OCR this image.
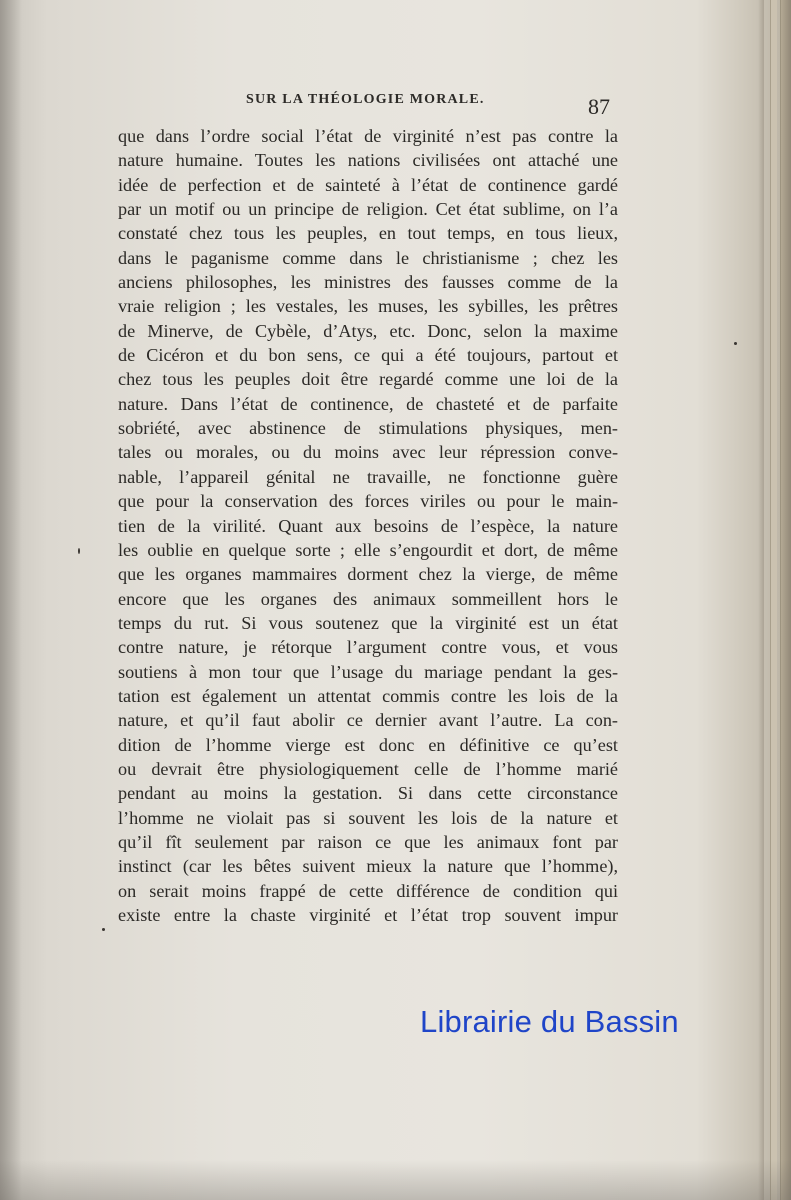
SUR LA THÉOLOGIE MORALE.	87
que dans l’ordre social l’état de virginité n’est pas contre la
nature humaine. Toutes les nations civilisées ont attaché une
idée de perfection et de sainteté à l’état de continence gardé
par un motif ou un principe de religion. Cet état sublime, on l’a
constaté chez tous les peuples, en tout temps, en tous lieux,
dans le paganisme comme dans le christianisme ; chez les
anciens philosophes, les ministres des fausses comme de la
vraie religion ; les vestales, les muses, les sybilles, les prêtres
de Minerve, de Cybèle, d’Atys, etc. Donc, selon la maxime
de Cicéron et du bon sens, ce qui a été toujours, partout et
chez tous les peuples doit être regardé comme une loi de la
nature. Dans l’état de continence, de chasteté et de parfaite
sobriété, avec abstinence de stimulations physiques, men-
tales ou morales, ou du moins avec leur répression conve-
nable, l’appareil génital ne travaille, ne fonctionne guère
que pour la conservation des forces viriles ou pour le main-
tien de la virilité. Quant aux besoins de l’espèce, la nature
les oublie en quelque sorte ; elle s’engourdit et dort, de même
que les organes mammaires dorment chez la vierge, de même
encore que les organes des animaux sommeillent hors le
temps du rut. Si vous soutenez que la virginité est un état
contre nature, je rétorque l’argument contre vous, et vous
soutiens à mon tour que l’usage du mariage pendant la ges-
tation est également un attentat commis contre les lois de la
nature, et qu’il faut abolir ce dernier avant l’autre. La con-
dition de l’homme vierge est donc en définitive ce qu’est
ou devrait être physiologiquement celle de l’homme marié
pendant au moins la gestation. Si dans cette circonstance
l’homme ne violait pas si souvent les lois de la nature et
qu’il fît seulement par raison ce que les animaux font par
instinct (car les bêtes suivent mieux la nature que l’homme),
on serait moins frappé de cette différence de condition qui
existe entre la chaste virginité et l’état trop souvent impur
Librairie du Bassin
